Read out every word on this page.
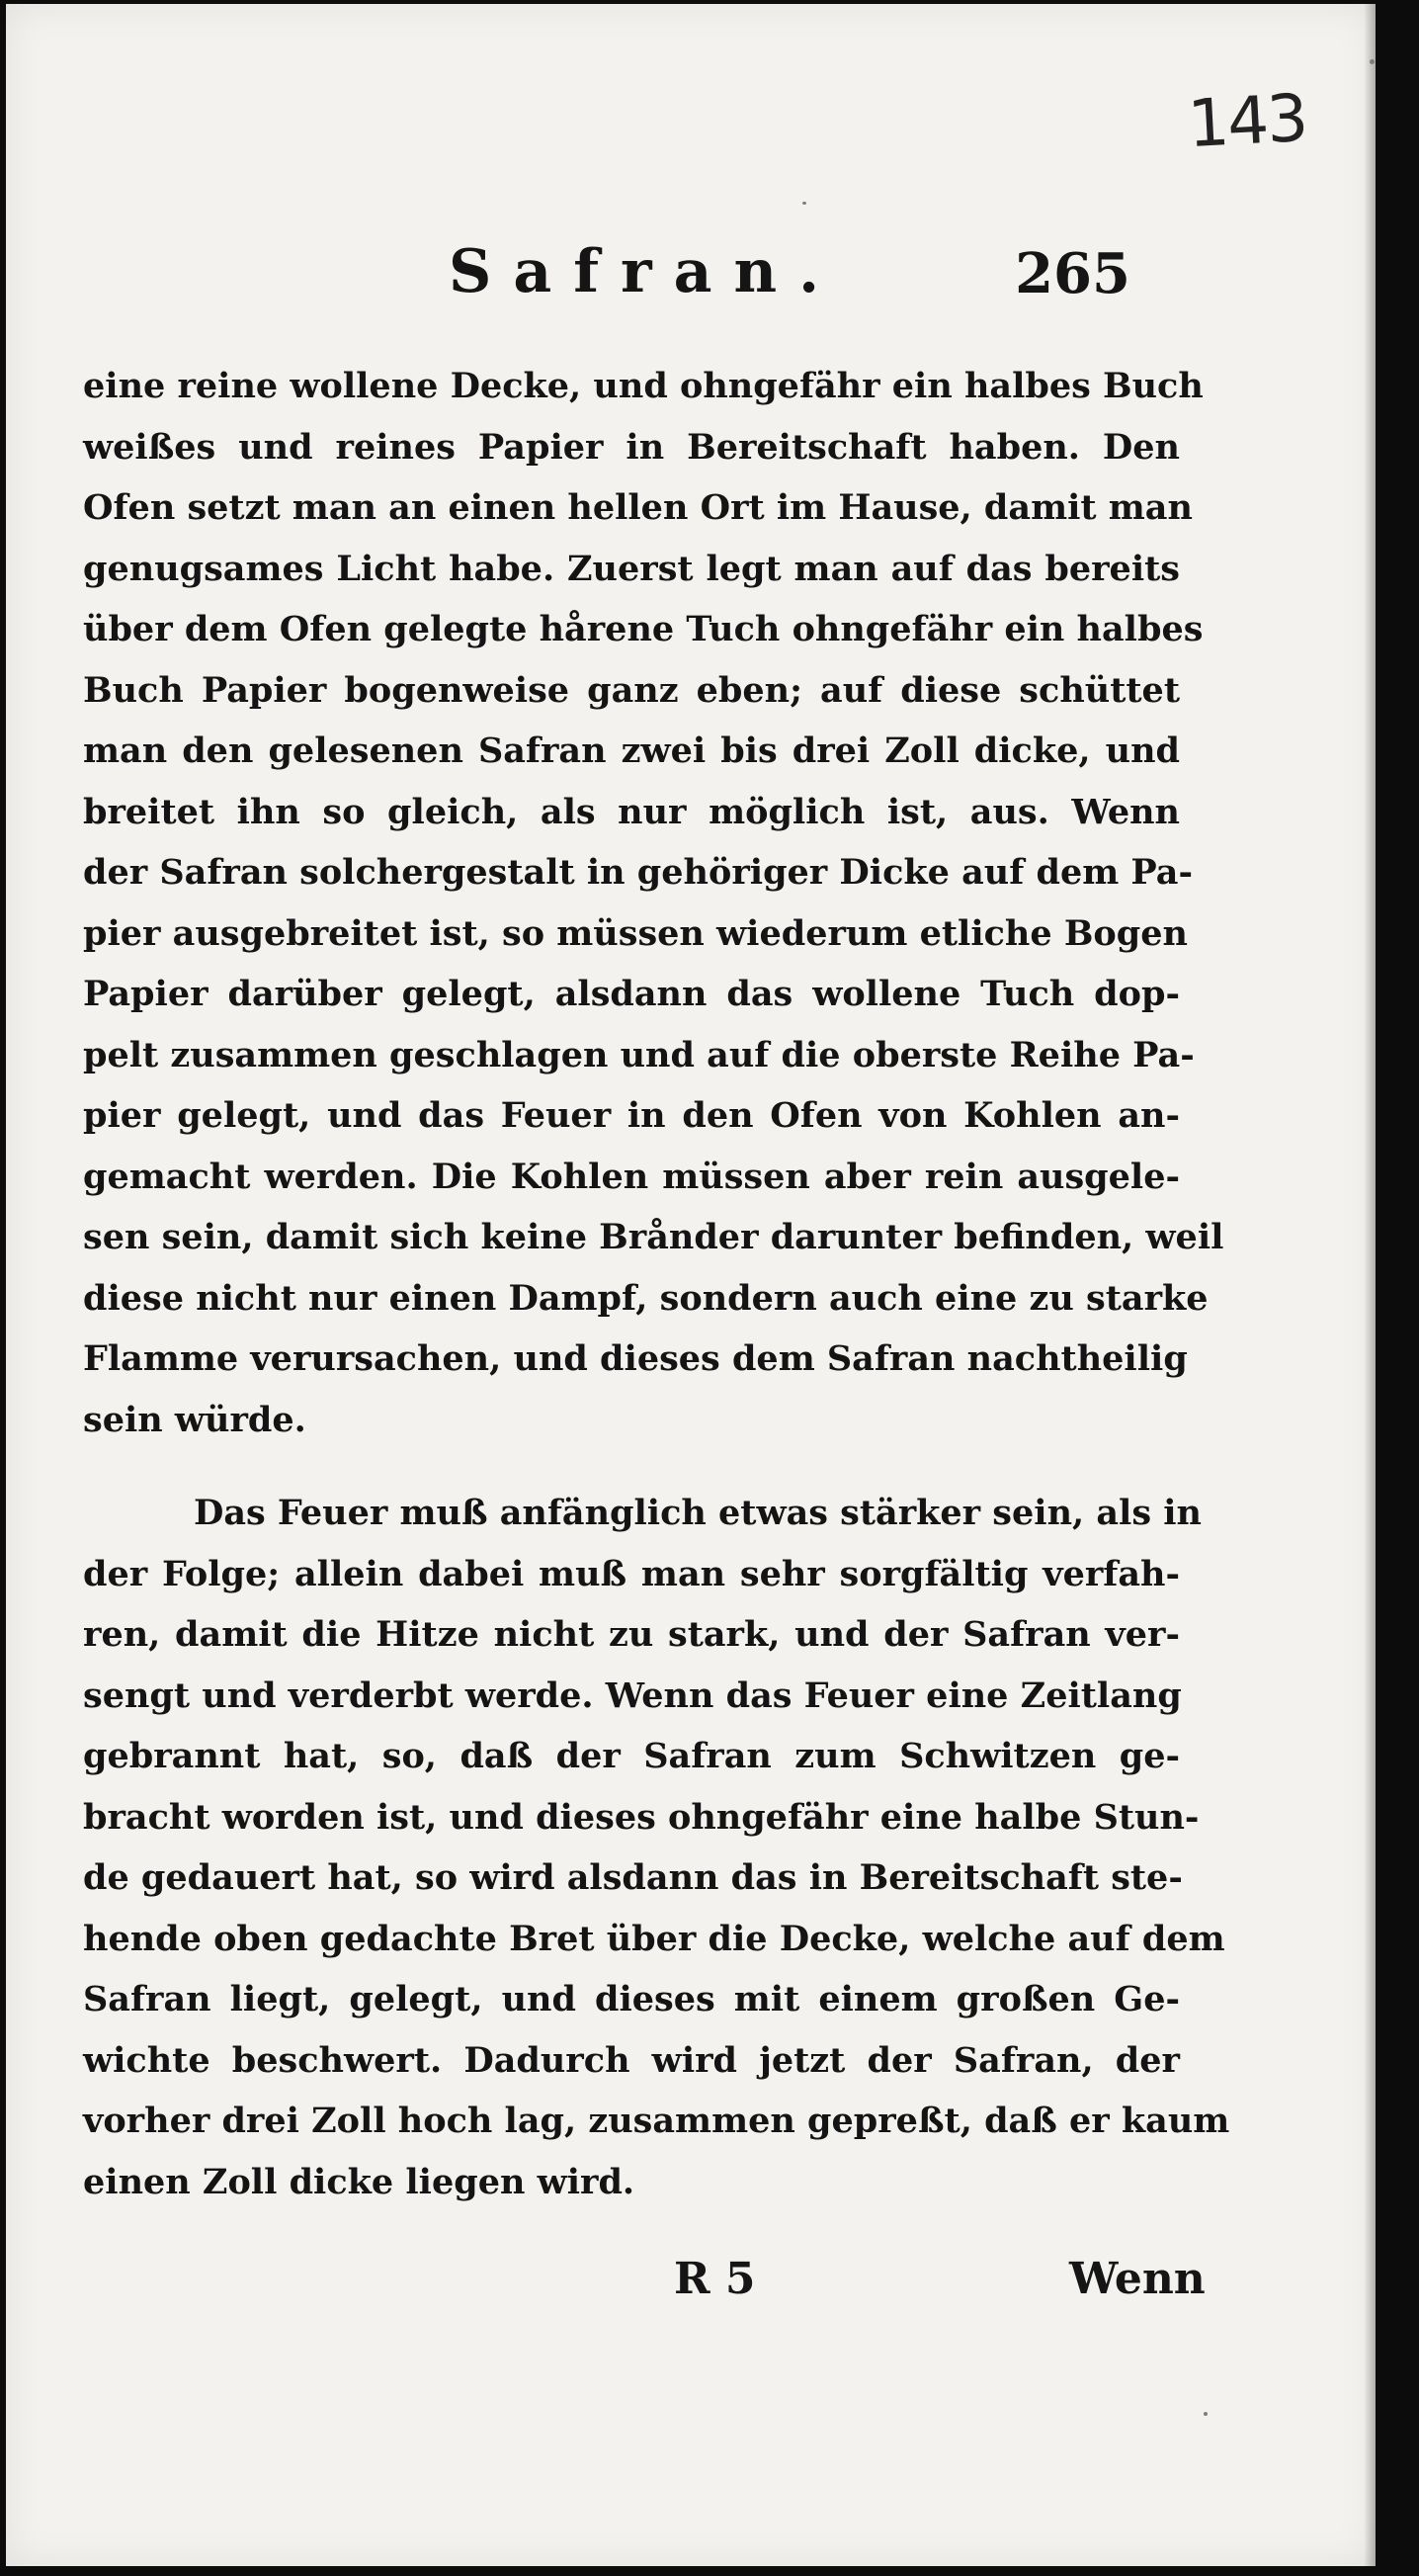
143
Safran.	265
eine reine wollene Decke, und ohngefähr ein halbes Buch
weißes und reines Papier in Bereitschaft haben. Den
Ofen setzt man an einen hellen Ort im Hause, damit man
genugsames Licht habe. Zuerst legt man auf das bereits
über dem Ofen gelegte hårene Tuch ohngefähr ein halbes
Buch Papier bogenweise ganz eben; auf diese schüttet
man den gelesenen Safran zwei bis drei Zoll dicke, und
breitet ihn so gleich, als nur möglich ist, aus. Wenn
der Safran solchergestalt in gehöriger Dicke auf dem Pa-
pier ausgebreitet ist, so müssen wiederum etliche Bogen
Papier darüber gelegt, alsdann das wollene Tuch dop-
pelt zusammen geschlagen und auf die oberste Reihe Pa-
pier gelegt, und das Feuer in den Ofen von Kohlen an-
gemacht werden. Die Kohlen müssen aber rein ausgele-
sen sein, damit sich keine Brånder darunter befinden, weil
diese nicht nur einen Dampf, sondern auch eine zu starke
Flamme verursachen, und dieses dem Safran nachtheilig
sein würde.
Das Feuer muß anfänglich etwas stärker sein, als in
der Folge; allein dabei muß man sehr sorgfältig verfah-
ren, damit die Hitze nicht zu stark, und der Safran ver-
sengt und verderbt werde. Wenn das Feuer eine Zeitlang
gebrannt hat, so, daß der Safran zum Schwitzen ge-
bracht worden ist, und dieses ohngefähr eine halbe Stun-
de gedauert hat, so wird alsdann das in Bereitschaft ste-
hende oben gedachte Bret über die Decke, welche auf dem
Safran liegt, gelegt, und dieses mit einem großen Ge-
wichte beschwert. Dadurch wird jetzt der Safran, der
vorher drei Zoll hoch lag, zusammen gepreßt, daß er kaum
einen Zoll dicke liegen wird.
R 5	Wenn
